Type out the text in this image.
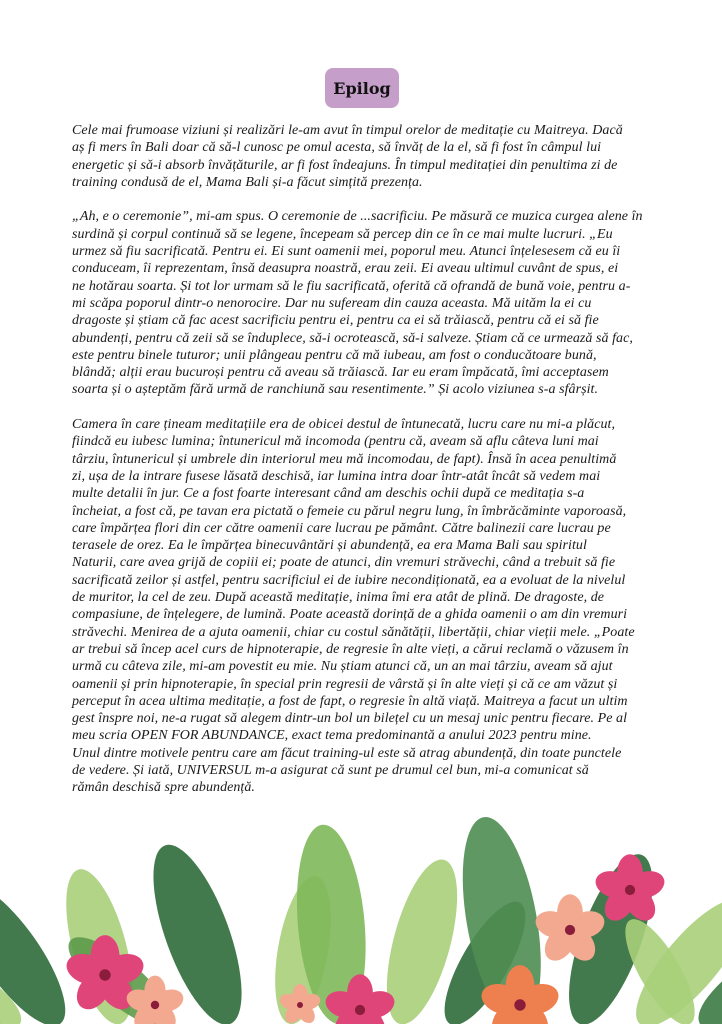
Epilog
Cele mai frumoase viziuni și realizări le-am avut în timpul orelor de meditație cu Maitreya. Dacă
aș fi mers în Bali doar că să-l cunosc pe omul acesta, să învăț de la el, să fi fost în câmpul lui
energetic și să-i absorb învățăturile, ar fi fost îndeajuns. În timpul meditației din penultima zi de
training condusă de el, Mama Bali și-a făcut simțită prezența.
„Ah, e o ceremonie”, mi-am spus. O ceremonie de ...sacrificiu. Pe măsură ce muzica curgea alene în
surdină și corpul continuă să se legene, începeam să percep din ce în ce mai multe lucruri. „Eu
urmez să fiu sacrificată. Pentru ei. Ei sunt oamenii mei, poporul meu. Atunci înțelesesem că eu îi
conduceam, îi reprezentam, însă deasupra noastră, erau zeii. Ei aveau ultimul cuvânt de spus, ei
ne hotărau soarta. Și tot lor urmam să le fiu sacrificată, oferită că ofrandă de bună voie, pentru a-
mi scăpa poporul dintr-o nenorocire. Dar nu sufeream din cauza aceasta. Mă uităm la ei cu
dragoste și știam că fac acest sacrificiu pentru ei, pentru ca ei să trăiască, pentru că ei să fie
abundenți, pentru că zeii să se înduplece, să-i ocrotească, să-i salveze. Știam că ce urmează să fac,
este pentru binele tuturor; unii plângeau pentru că mă iubeau, am fost o conducătoare bună,
blândă; alții erau bucuroși pentru că aveau să trăiască. Iar eu eram împăcată, îmi acceptasem
soarta și o așteptăm fără urmă de ranchiună sau resentimente.” Și acolo viziunea s-a sfârșit.
Camera în care țineam meditațiile era de obicei destul de întunecată, lucru care nu mi-a plăcut,
fiindcă eu iubesc lumina; întunericul mă incomoda (pentru că, aveam să aflu câteva luni mai
târziu, întunericul și umbrele din interiorul meu mă incomodau, de fapt). Însă în acea penultimă
zi, ușa de la intrare fusese lăsată deschisă, iar lumina intra doar într-atât încât să vedem mai
multe detalii în jur. Ce a fost foarte interesant când am deschis ochii după ce meditația s-a
încheiat, a fost că, pe tavan era pictată o femeie cu părul negru lung, în îmbrăcăminte vaporoasă,
care împărțea flori din cer către oamenii care lucrau pe pământ. Către balinezii care lucrau pe
terasele de orez. Ea le împărțea binecuvântări și abundență, ea era Mama Bali sau spiritul
Naturii, care avea grijă de copiii ei; poate de atunci, din vremuri străvechi, când a trebuit să fie
sacrificată zeilor și astfel, pentru sacrificiul ei de iubire necondiționată, ea a evoluat de la nivelul
de muritor, la cel de zeu. După această meditație, inima îmi era atât de plină. De dragoste, de
compasiune, de înțelegere, de lumină. Poate această dorință de a ghida oamenii o am din vremuri
străvechi. Menirea de a ajuta oamenii, chiar cu costul sănătății, libertății, chiar vieții mele. „Poate
ar trebui să încep acel curs de hipnoterapie, de regresie în alte vieți, a cărui reclamă o văzusem în
urmă cu câteva zile, mi-am povestit eu mie. Nu știam atunci că, un an mai târziu, aveam să ajut
oamenii și prin hipnoterapie, în special prin regresii de vârstă și în alte vieți și că ce am văzut și
perceput în acea ultima meditație, a fost de fapt, o regresie în altă viață. Maitreya a facut un ultim
gest înspre noi, ne-a rugat să alegem dintr-un bol un bilețel cu un mesaj unic pentru fiecare. Pe al
meu scria OPEN FOR ABUNDANCE, exact tema predominantă a anului 2023 pentru mine.
Unul dintre motivele pentru care am făcut training-ul este să atrag abundență, din toate punctele
de vedere. Și iată, UNIVERSUL m-a asigurat că sunt pe drumul cel bun, mi-a comunicat să
rămân deschisă spre abundență.
